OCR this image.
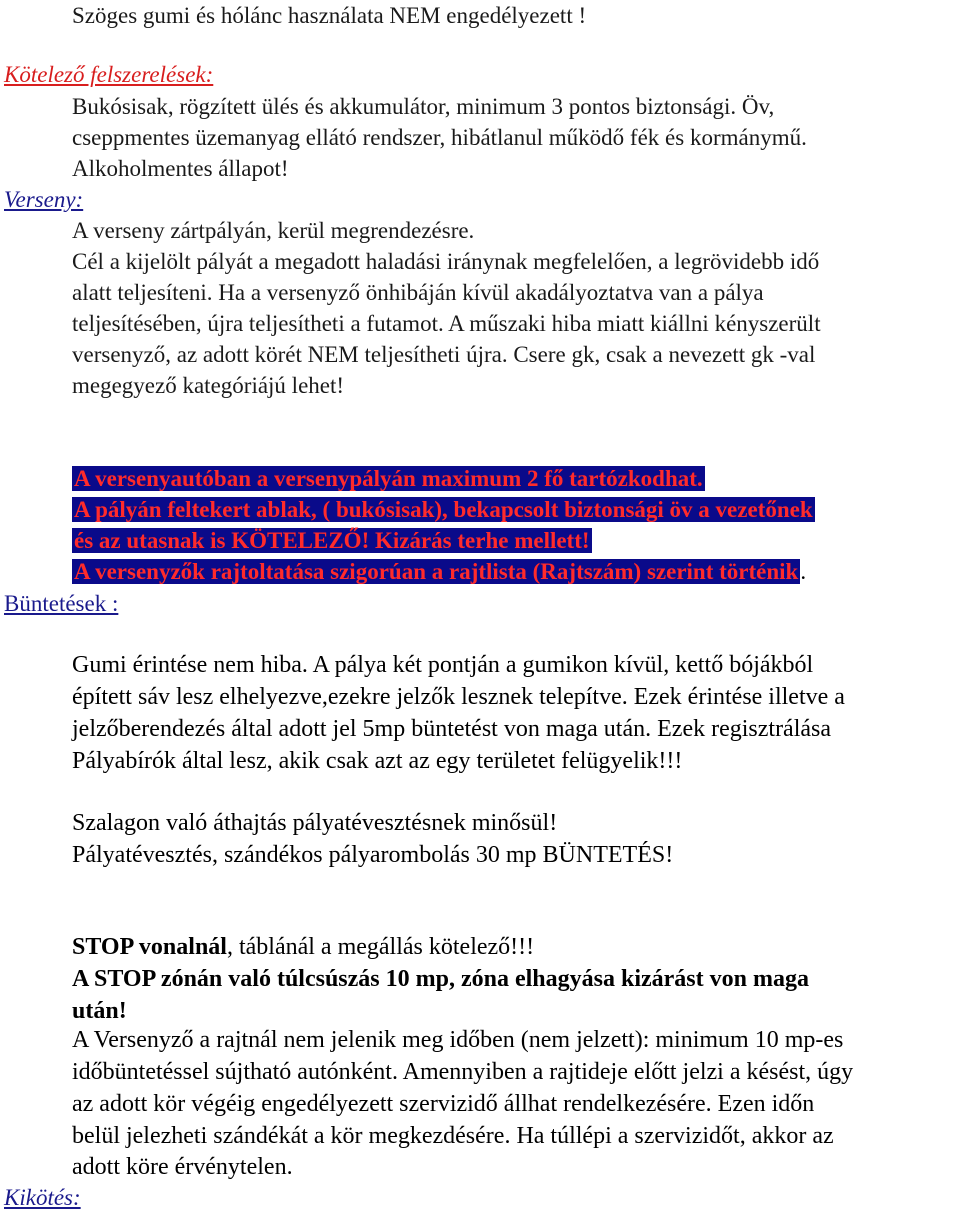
Szöges gumi és hólánc használata NEM engedélyezett !
Kötelező felszerelések:
Bukósisak, rögzített ülés és akkumulátor, minimum 3 pontos biztonsági. Öv,
cseppmentes üzemanyag ellátó rendszer, hibátlanul működő fék és kormánymű.
Alkoholmentes állapot!
Verseny:
A verseny zártpályán, kerül megrendezésre.
Cél a kijelölt pályát a megadott haladási iránynak megfelelően, a legrövidebb idő
alatt teljesíteni. Ha a versenyző önhibáján kívül akadályoztatva van a pálya
teljesítésében, újra teljesítheti a futamot. A műszaki hiba miatt kiállni kényszerült
versenyző, az adott körét NEM teljesítheti újra. Csere gk, csak a nevezett gk -val
megegyező kategóriájú lehet!
A versenyautóban a versenypályán maximum 2 fő tartózkodhat.
A pályán feltekert ablak, ( bukósisak), bekapcsolt biztonsági öv a vezetőnek
és az utasnak is KÖTELEZŐ! Kizárás terhe mellett!
A versenyzők rajtoltatása szigorúan a rajtlista (Rajtszám) szerint történik.
Büntetések :
Gumi érintése nem hiba. A pálya két pontján a gumikon kívül, kettő bójákból
épített sáv lesz elhelyezve,ezekre jelzők lesznek telepítve. Ezek érintése illetve a
jelzőberendezés által adott jel 5mp büntetést von maga után. Ezek regisztrálása
Pályabírók által lesz, akik csak azt az egy területet felügyelik!!!
Szalagon való áthajtás pályatévesztésnek minősül!
Pályatévesztés, szándékos pályarombolás 30 mp BÜNTETÉS!
STOP vonalnál, táblánál a megállás kötelező!!!
A STOP zónán való túlcsúszás 10 mp, zóna elhagyása kizárást von maga
után!
A Versenyző a rajtnál nem jelenik meg időben (nem jelzett): minimum 10 mp-es
időbüntetéssel sújtható autónként. Amennyiben a rajtideje előtt jelzi a késést, úgy
az adott kör végéig engedélyezett szervizidő állhat rendelkezésére. Ezen időn
belül jelezheti szándékát a kör megkezdésére. Ha túllépi a szervizidőt, akkor az
adott köre érvénytelen.
Kikötés:
